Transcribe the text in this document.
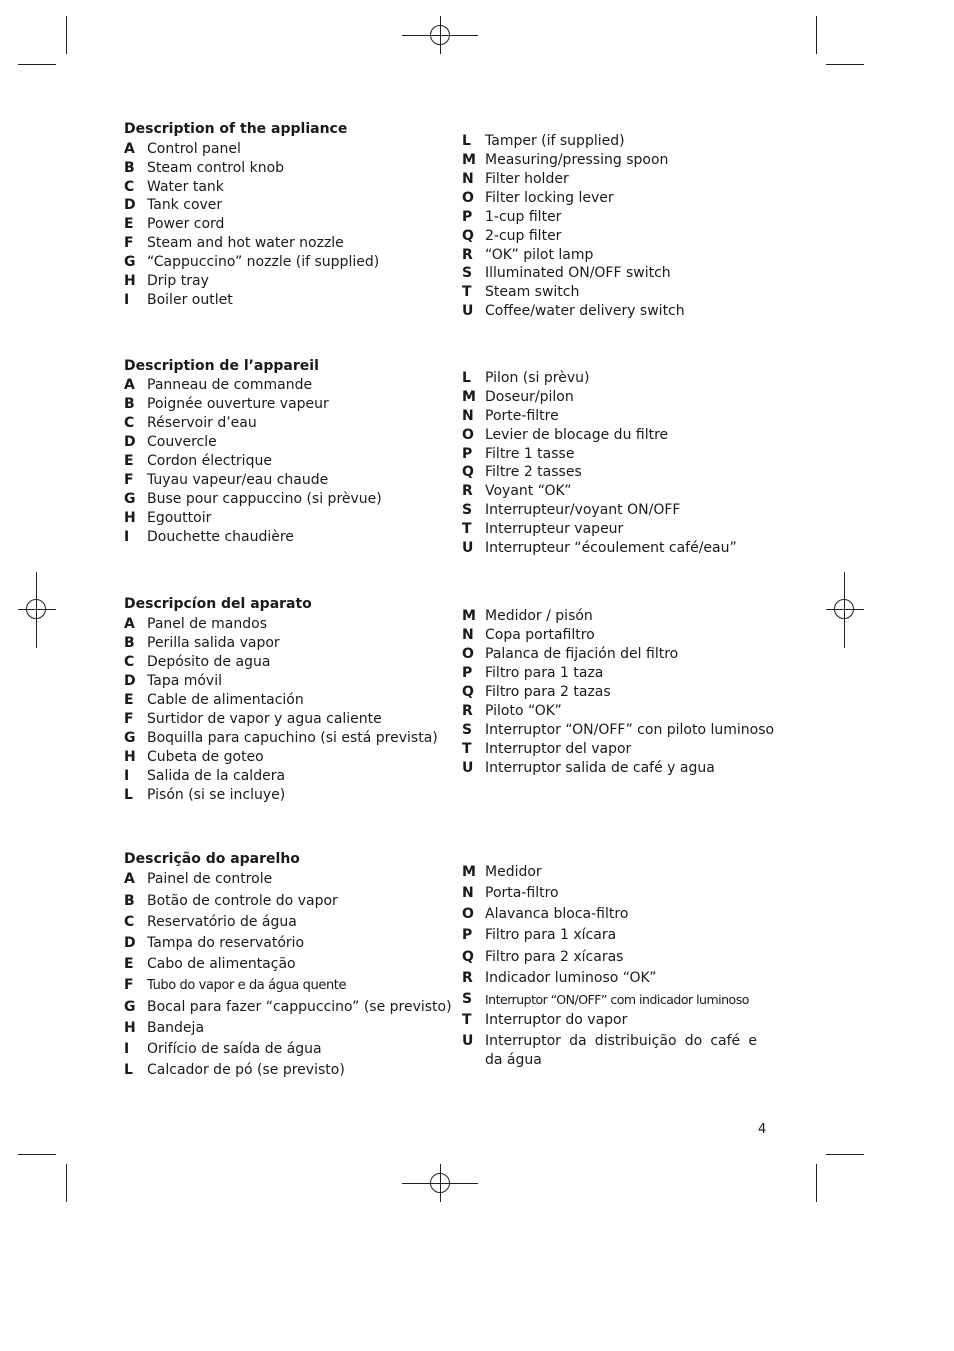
Description of the appliance
A Control panel
B Steam control knob
C Water tank
D Tank cover
E Power cord
F Steam and hot water nozzle
G “Cappuccino” nozzle (if supplied)
H Drip tray
I	Boiler outlet
L	Tamper (if supplied)
M Measuring/pressing spoon
N Filter holder
O Filter locking lever
P 1-cup filter
Q 2-cup filter
R “OK” pilot lamp
S Illuminated ON/OFF switch
T Steam switch
U Coffee/water delivery switch
Description de l’appareil
A Panneau de commande
B Poignée ouverture vapeur
C Réservoir d’eau
D Couvercle
E Cordon électrique
F Tuyau vapeur/eau chaude
G Buse pour cappuccino (si prèvue)
H Egouttoir
I	Douchette chaudière
L	Pilon (si prèvu)
M Doseur/pilon
N Porte-filtre
O Levier de blocage du filtre
P Filtre 1 tasse
Q Filtre 2 tasses
R Voyant “OK”
S Interrupteur/voyant ON/OFF
T Interrupteur vapeur
U Interrupteur “écoulement café/eau”
Descripcíon del aparato
A Panel de mandos
B Perilla salida vapor
C Depósito de agua
D Tapa móvil
E Cable de alimentación
F Surtidor de vapor y agua caliente
G Boquilla para capuchino (si está prevista)
H Cubeta de goteo
I	Salida de la caldera
L	Pisón (si se incluye)
M Medidor / pisón
N Copa portafiltro
O Palanca de fijación del filtro
P Filtro para 1 taza
Q Filtro para 2 tazas
R Piloto “OK”
S Interruptor “ON/OFF” con piloto luminoso
T Interruptor del vapor
U Interruptor salida de café y agua
Descrição do aparelho
A Painel de controle
B Botão de controle do vapor
C Reservatório de água
D Tampa do reservatório
E Cabo de alimentação
F	Tubo do vapor e da água quente
G Bocal para fazer “cappuccino” (se previsto)
H Bandeja
I	Orifício de saída de água
L	Calcador de pó (se previsto)
M Medidor
N Porta-filtro
O Alavanca bloca-filtro
P Filtro para 1 xícara
Q Filtro para 2 xícaras
R Indicador luminoso “OK”
S	Interruptor “ON/OFF” com indicador luminoso
T Interruptor do vapor
U Interruptor da distribuição do café e da água
4
